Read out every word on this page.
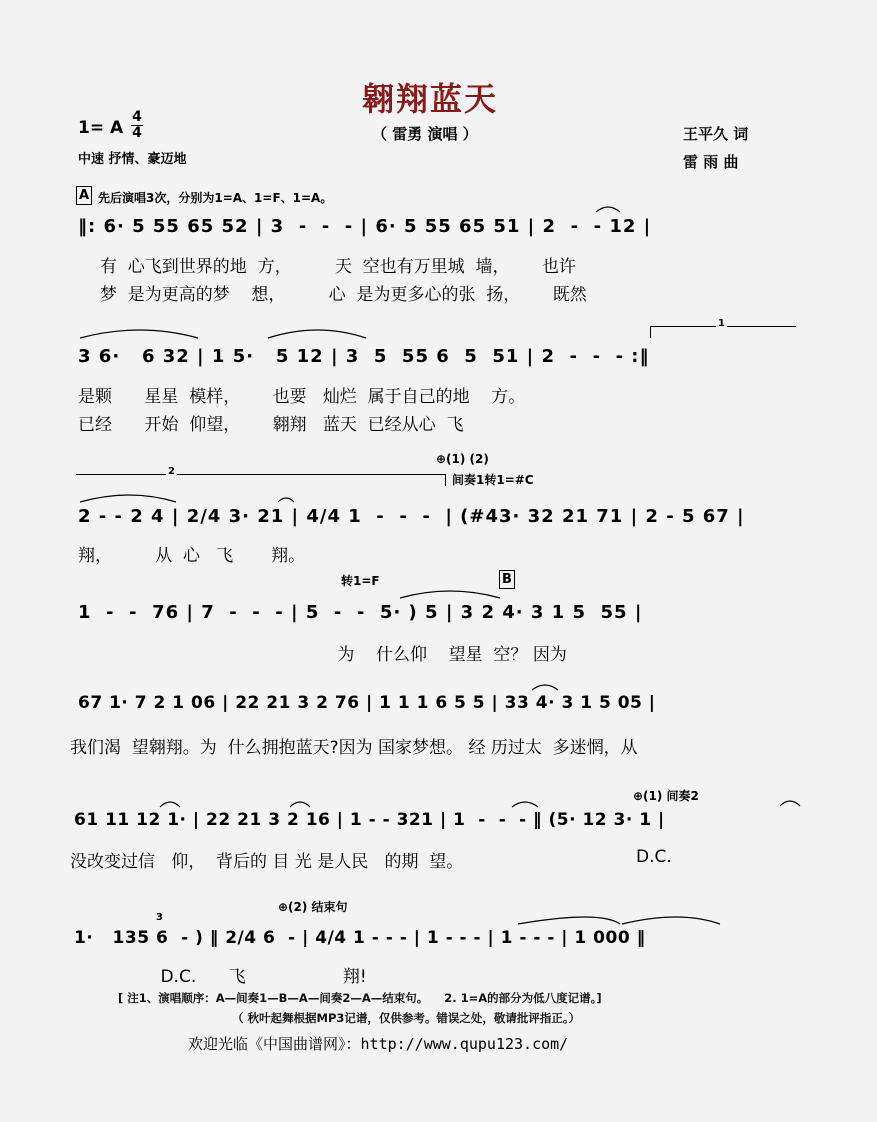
翱翔蓝天
（ 雷勇 演唱 ）
1= A $\frac{4}{4}$
中速 抒情、豪迈地
王平久 词
雷 雨 曲
A 先后演唱3次，分别为1=A、1=F、1=A。
‖: 6· 5 55 65 52 | 3  -  -  - | 6· 5 55 65 51 | 2  -  - 12 |
有  心飞到世界的地  方，        天  空也有万里城  墙，      也许
梦  是为更高的梦    想，        心  是为更多心的张  扬，      既然
1
3 6·   6 32 | 1 5·   5 12 | 3  5  55 6  5  51 | 2  -  -  - :‖
是颗      星星  模样，      也要   灿烂  属于自己的地    方。
已经      开始  仰望，      翱翔   蓝天  已经从心  飞
2
⊕(1) (2)
间奏1转1=#C
2 - - 2 4 | 2/4 3· 21 | 4/4 1  -  -  -  | (#43· 32 21 71 | 2 - 5 67 |
翔，        从  心   飞       翔。
转1=F	B
1  -  -  76 | 7  -  -  - | 5  -  -  5· ) 5 | 3 2 4· 3 1 5  55 |
为    什么仰    望星  空？ 因为
67 1· 7 2 1 06 | 22 21 3 2 76 | 1 1 1 6 5 5 | 33 4· 3 1 5 05 |
我们渴  望翱翔。为  什么拥抱蓝天?因为 国家梦想。 经 历过太  多迷惘，从
⊕(1) 间奏2
61 11 12 1· | 22 21 3 2 16 | 1 - - 321 | 1  -  -  - ‖ (5· 12 3· 1 |
没改变过信   仰，  背后的 目 光 是人民   的期  望。	D.C.
⊕(2) 结束句
3
1·   135 6  - ) ‖ 2/4 6  - | 4/4 1 - - - | 1 - - - | 1 - - - | 1 000 ‖
D.C.      飞                  翔!
[ 注1、演唱顺序：A—间奏1—B—A—间奏2—A—结束句。    2. 1=A的部分为低八度记谱。]
（ 秋叶起舞根据MP3记谱，仅供参考。错误之处，敬请批评指正。）
欢迎光临《中国曲谱网》：http://www.qupu123.com/
